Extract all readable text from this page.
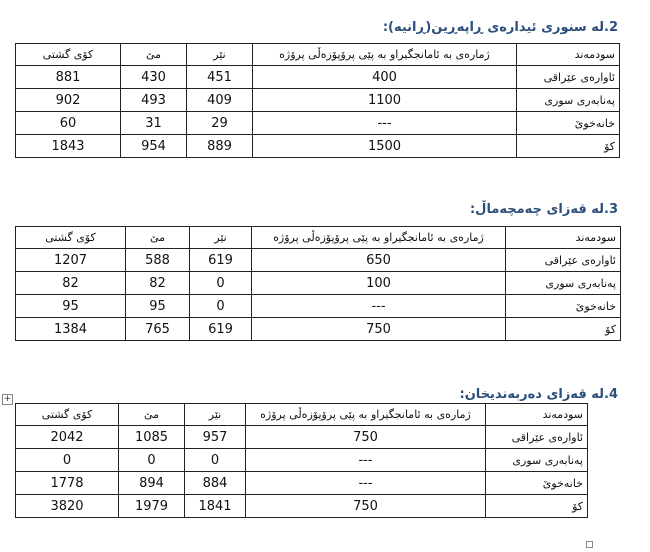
2.لە سنوری ئیدارەی ڕاپەڕین(ڕانیە):
سودمەند	ژمارەی بە ئامانجگیراو بە پێی پرۆپۆزەڵی پرۆژە	نێر	مێ	کۆی گشتی
ئاوارەی عێراقی	400	451	430	881
پەنابەری سوری	1100	409	493	902
خانەخوێ	---	29	31	60
کۆ	1500	889	954	1843
3.لە قەزای چەمچەماڵ:
سودمەند	ژمارەی بە ئامانجگیراو بە پێی پرۆپۆزەڵی پرۆژە	نێر	مێ	کۆی گشتی
ئاوارەی عێراقی	650	619	588	1207
پەنابەری سوری	100	0	82	82
خانەخوێ	---	0	95	95
کۆ	750	619	765	1384
4.لە قەزای دەربەندیخان:
+
سودمەند	ژمارەی بە ئامانجگیراو بە پێی پرۆپۆزەڵی پرۆژە	نێر	مێ	کۆی گشتی
ئاوارەی عێراقی	750	957	1085	2042
پەنابەری سوری	---	0	0	0
خانەخوێ	---	884	894	1778
کۆ	750	1841	1979	3820
